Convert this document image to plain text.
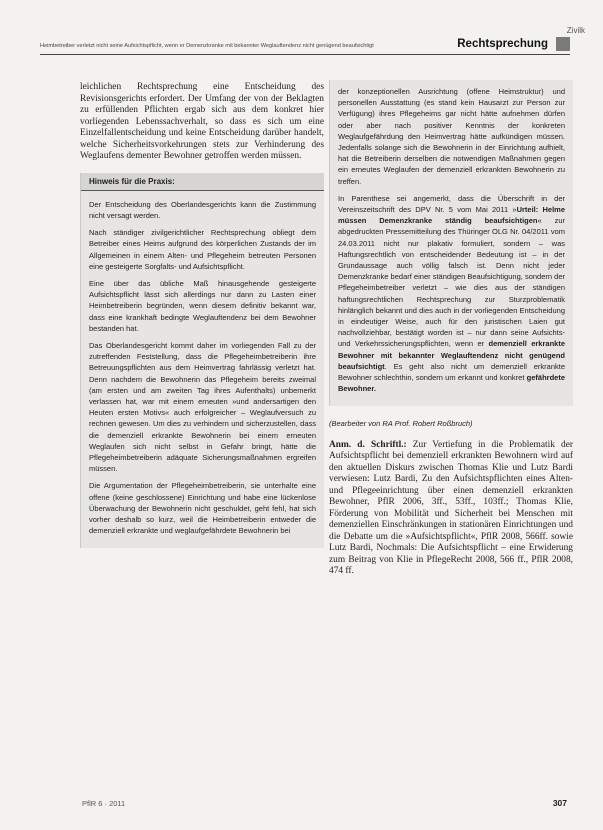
Zivilk
Heimbetreiber verletzt nicht seine Aufsichtspflicht, wenn er Demenzkranke mit bekannter Weglauftendenz nicht genügend beaufsichtigt	Rechtsprechung

leichlichen Rechtsprechung eine Entscheidung des Revisionsgerichts erfordert. Der Umfang der von der Beklagten zu erfüllenden Pflichten ergab sich aus dem konkret hier vorliegenden Lebenssachverhalt, so dass es sich um eine Einzelfallentscheidung und keine Entscheidung darüber handelt, welche Sicherheitsvorkehrungen stets zur Verhinderung des Weglaufens dementer Bewohner getroffen werden müssen.

Hinweis für die Praxis:

Der Entscheidung des Oberlandesgerichts kann die Zustimmung nicht versagt werden.

Nach ständiger zivilgerichtlicher Rechtsprechung obliegt dem Betreiber eines Heims aufgrund des körperlichen Zustands der im Allgemeinen in einem Alten- und Pflegeheim betreuten Personen eine gesteigerte Sorgfalts- und Aufsichtspflicht.

Eine über das übliche Maß hinausgehende gesteigerte Aufsichtspflicht lässt sich allerdings nur dann zu Lasten einer Heimbetreiberin begründen, wenn diesem definitiv bekannt war, dass eine krankhaft bedingte Weglauftendenz bei dem Bewohner bestanden hat.

Das Oberlandesgericht kommt daher im vorliegenden Fall zu der zutreffenden Feststellung, dass die Pflegeheimbetreiberin ihre Betreuungspflichten aus dem Heimvertrag fahrlässig verletzt hat. Denn nachdem die Bewohnerin das Pflegeheim bereits zweimal (am ersten und am zweiten Tag ihres Aufenthalts) unbemerkt verlassen hat, war mit einem erneuten »und andersartigen den Heuten ersten Motivs« auch erfolgreicher – Weglaufversuch zu rechnen gewesen. Um dies zu verhindern und sicherzustellen, dass die demenziell erkrankte Bewohnerin bei einem erneuten Weglaufen sich nicht selbst in Gefahr bringt, hätte die Pflegeheimbetreiberin adäquate Sicherungsmaßnahmen ergreifen müssen.

Die Argumentation der Pflegeheimbetreiberin, sie unterhalte eine offene (keine geschlossene) Einrichtung und habe eine lückenlose Überwachung der Bewohnerin nicht geschuldet, geht fehl, hat sich vorher deshalb so kurz, weil die Heimbetreiberin entweder die demenziell erkrankte und weglaufgefährdete Bewohnerin bei

der konzeptionellen Ausrichtung (offene Heimstruktur) und personellen Ausstattung (es stand kein Hausarzt zur Person zur Verfügung) ihres Pflegeheims gar nicht hätte aufnehmen dürfen oder aber nach positiver Kenntnis der konkreten Weglaufgefährdung den Heimvertrag hätte aufkündigen müssen. Jedenfalls solange sich die Bewohnerin in der Einrichtung aufhielt, hat die Betreiberin derselben die notwendigen Maßnahmen gegen ein erneutes Weglaufen der demenziell erkrankten Bewohnerin zu treffen.

In Parenthese sei angemerkt, dass die Überschrift in der Vereinszeitschrift des DPV Nr. 5 vom Mai 2011 »Urteil: Helme müssen Demenzkranke ständig beaufsichtigen« zur abgedruckten Pressemitteilung des Thüringer OLG Nr. 04/2011 vom 24.03.2011 nicht nur plakativ formuliert, sondern – was Haftungsrechtlich von entscheidender Bedeutung ist – in der Grundaussage auch völlig falsch ist. Denn nicht jeder Demenzkranke bedarf einer ständigen Beaufsichtigung, sondern der Pflegeheimbetreiber verletzt – wie dies aus der ständigen haftungsrechtlichen Rechtsprechung zur Sturzproblematik hinlänglich bekannt und dies auch in der vorliegenden Entscheidung in eindeutiger Weise, auch für den juristischen Laien gut nachvollziehbar, bestätigt worden ist – nur dann seine Aufsichts- und Verkehrssicherungspflichten, wenn er demenziell erkrankte Bewohner mit bekannter Weglauftendenz nicht genügend beaufsichtigt. Es geht also nicht um demenziell erkrankte Bewohner schlechthin, sondern um erkannt und konkret gefährdete Bewohner.

(Bearbeiter von RA Prof. Robert Roßbruch)

Anm. d. Schriftl.: Zur Vertiefung in die Problematik der Aufsichtspflicht bei demenziell erkrankten Bewohnern wird auf den aktuellen Diskurs zwischen Thomas Klie und Lutz Bardi verwiesen: Lutz Bardi, Zu den Aufsichtspflichten eines Alten- und Pflegeeinrichtung über einen demenziell erkrankten Bewohner, PflR 2006, 3ff., 53ff., 103ff.; Thomas Klie, Förderung von Mobilität und Sicherheit bei Menschen mit demenziellen Einschränkungen in stationären Einrichtungen und die Debatte um die »Aufsichtspflicht«, PflR 2008, 566ff. sowie Lutz Bardi, Nochmals: Die Aufsichtspflicht – eine Erwiderung zum Beitrag von Klie in PflegeRecht 2008, 566 ff., PflR 2008, 474 ff.

PflR 6 · 2011	307
